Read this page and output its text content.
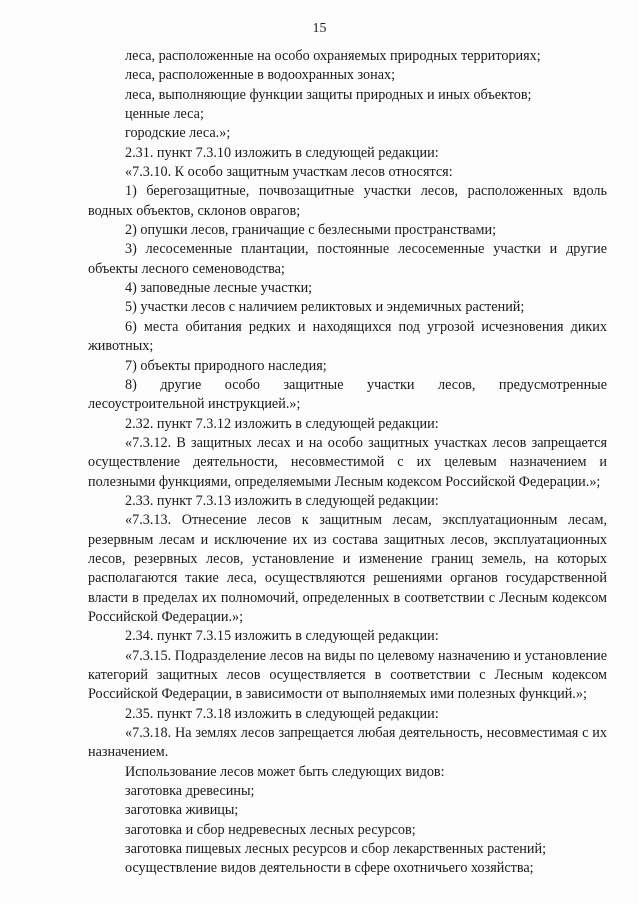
15

леса, расположенные на особо охраняемых природных территориях;

леса, расположенные в водоохранных зонах;

леса, выполняющие функции защиты природных и иных объектов;

ценные леса;

городские леса.»;

2.31. пункт 7.3.10 изложить в следующей редакции:

«7.3.10. К особо защитным участкам лесов относятся:

1) берегозащитные, почвозащитные участки лесов, расположенных вдоль водных объектов, склонов оврагов;

2) опушки лесов, граничащие с безлесными пространствами;

3) лесосеменные плантации, постоянные лесосеменные участки и другие объекты лесного семеноводства;

4) заповедные лесные участки;

5) участки лесов с наличием реликтовых и эндемичных растений;

6) места обитания редких и находящихся под угрозой исчезновения диких животных;

7) объекты природного наследия;

8) другие особо защитные участки лесов, предусмотренные лесоустроительной инструкцией.»;

2.32. пункт 7.3.12 изложить в следующей редакции:

«7.3.12. В защитных лесах и на особо защитных участках лесов запрещается осуществление деятельности, несовместимой с их целевым назначением и полезными функциями, определяемыми Лесным кодексом Российской Федерации.»;

2.33. пункт 7.3.13 изложить в следующей редакции:

«7.3.13. Отнесение лесов к защитным лесам, эксплуатационным лесам, резервным лесам и исключение их из состава защитных лесов, эксплуатационных лесов, резервных лесов, установление и изменение границ земель, на которых располагаются такие леса, осуществляются решениями органов государственной власти в пределах их полномочий, определенных в соответствии с Лесным кодексом Российской Федерации.»;

2.34. пункт 7.3.15 изложить в следующей редакции:

«7.3.15. Подразделение лесов на виды по целевому назначению и установление категорий защитных лесов осуществляется в соответствии с Лесным кодексом Российской Федерации, в зависимости от выполняемых ими полезных функций.»;

2.35. пункт 7.3.18 изложить в следующей редакции:

«7.3.18. На землях лесов запрещается любая деятельность, несовместимая с их назначением.

Использование лесов может быть следующих видов:

заготовка древесины;

заготовка живицы;

заготовка и сбор недревесных лесных ресурсов;

заготовка пищевых лесных ресурсов и сбор лекарственных растений;

осуществление видов деятельности в сфере охотничьего хозяйства;
